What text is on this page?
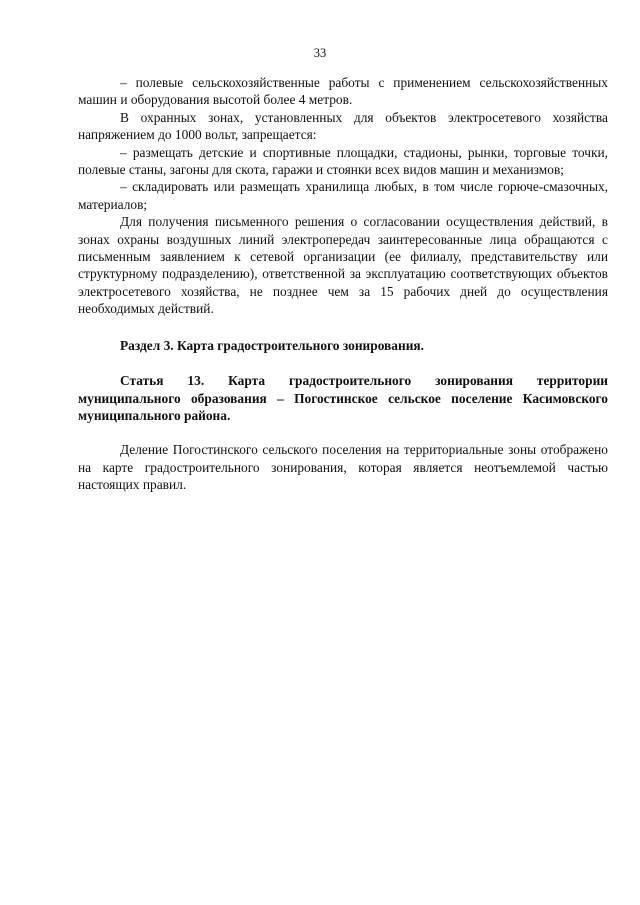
33

– полевые сельскохозяйственные работы с применением сельскохозяйственных машин и оборудования высотой более 4 метров.

В охранных зонах, установленных для объектов электросетевого хозяйства напряжением до 1000 вольт, запрещается:

– размещать детские и спортивные площадки, стадионы, рынки, торговые точки, полевые станы, загоны для скота, гаражи и стоянки всех видов машин и механизмов;

– складировать или размещать хранилища любых, в том числе горюче-смазочных, материалов;

Для получения письменного решения о согласовании осуществления действий, в зонах охраны воздушных линий электропередач заинтересованные лица обращаются с письменным заявлением к сетевой организации (ее филиалу, представительству или структурному подразделению), ответственной за эксплуатацию соответствующих объектов электросетевого хозяйства, не позднее чем за 15 рабочих дней до осуществления необходимых действий.

Раздел 3. Карта градостроительного зонирования.

Статья 13. Карта градостроительного зонирования территории муниципального образования – Погостинское сельское поселение Касимовского муниципального района.

Деление Погостинского сельского поселения на территориальные зоны отображено на карте градостроительного зонирования, которая является неотъемлемой частью настоящих правил.
